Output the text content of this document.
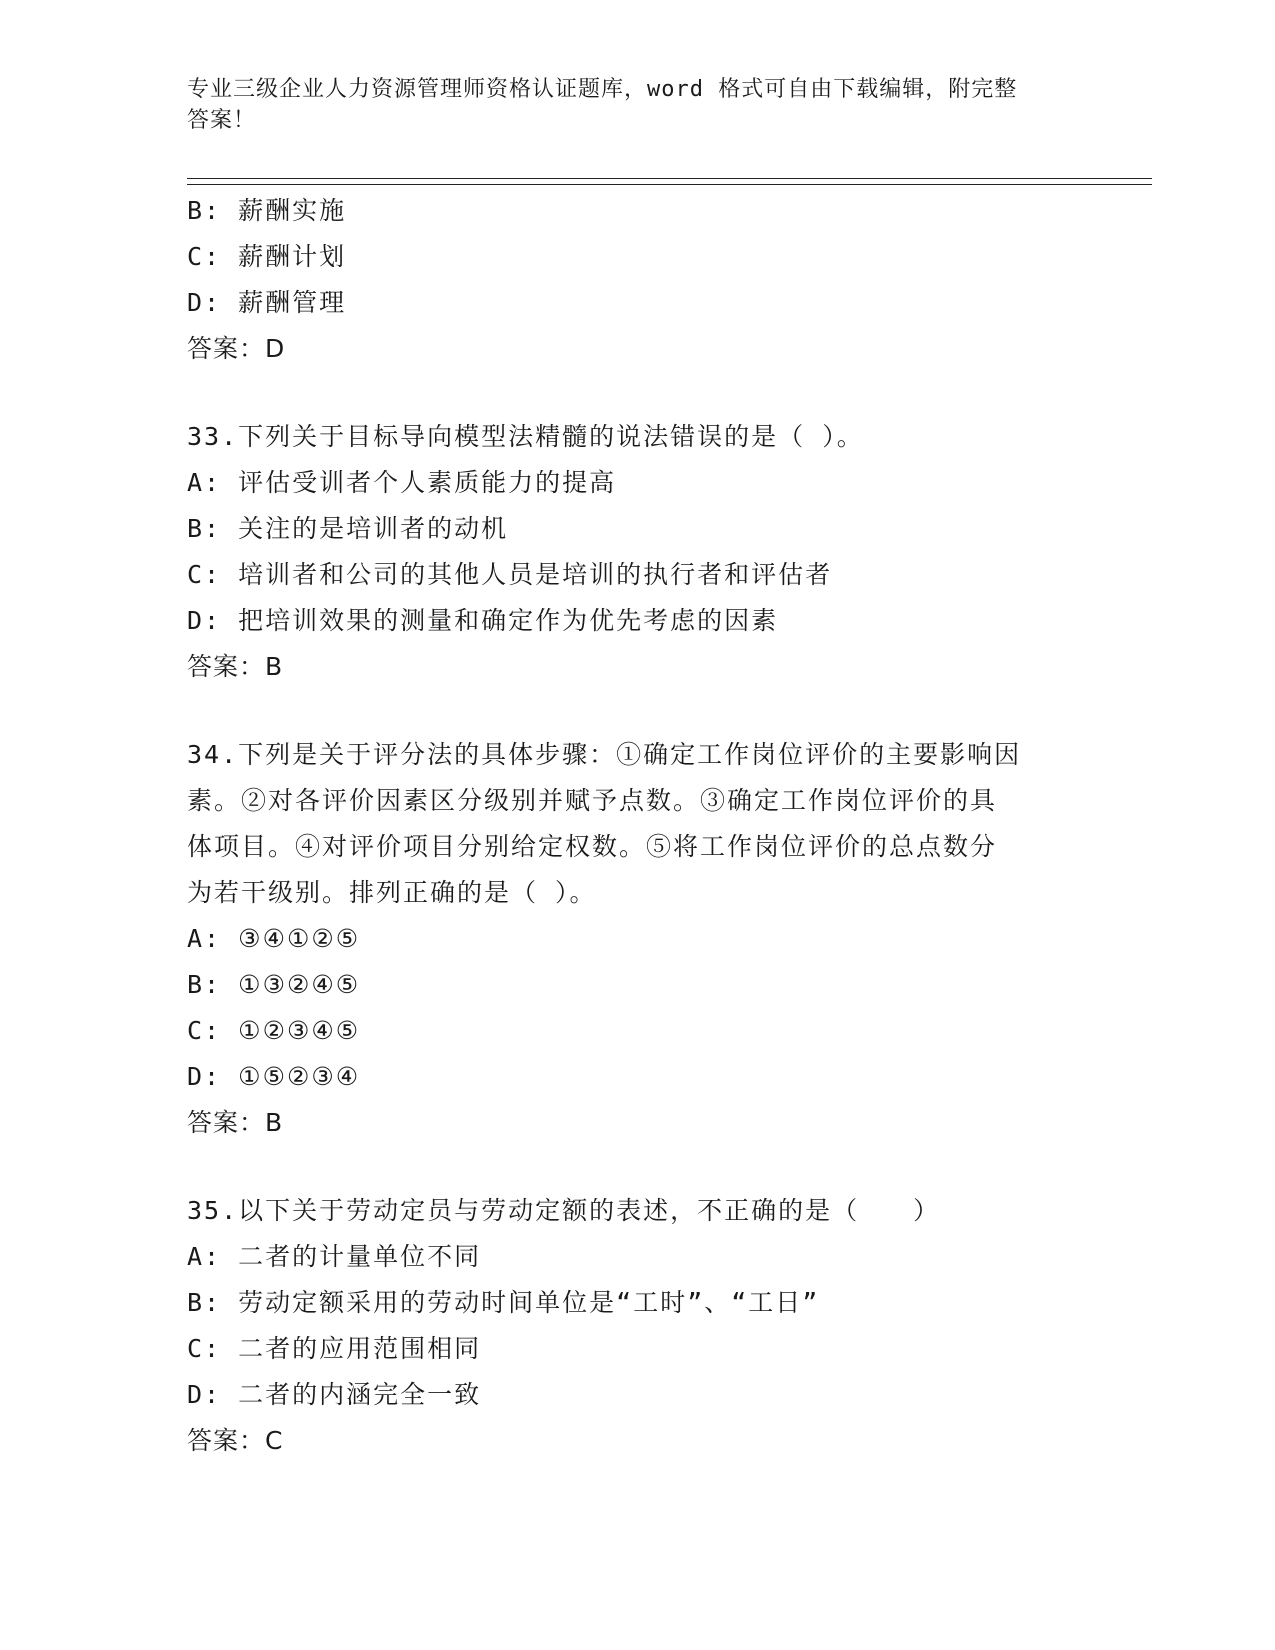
专业三级企业人力资源管理师资格认证题库，word 格式可自由下载编辑，附完整
答案！
B: 薪酬实施
C: 薪酬计划
D: 薪酬管理
答案：D
33.下列关于目标导向模型法精髓的说法错误的是（ ）。
A: 评估受训者个人素质能力的提高
B: 关注的是培训者的动机
C: 培训者和公司的其他人员是培训的执行者和评估者
D: 把培训效果的测量和确定作为优先考虑的因素
答案：B
34.下列是关于评分法的具体步骤：①确定工作岗位评价的主要影响因
素。②对各评价因素区分级别并赋予点数。③确定工作岗位评价的具
体项目。④对评价项目分别给定权数。⑤将工作岗位评价的总点数分
为若干级别。排列正确的是（ ）。
A: ③④①②⑤
B: ①③②④⑤
C: ①②③④⑤
D: ①⑤②③④
答案：B
35.以下关于劳动定员与劳动定额的表述，不正确的是（　　）
A: 二者的计量单位不同
B: 劳动定额采用的劳动时间单位是“工时”、“工日”
C: 二者的应用范围相同
D: 二者的内涵完全一致
答案：C
